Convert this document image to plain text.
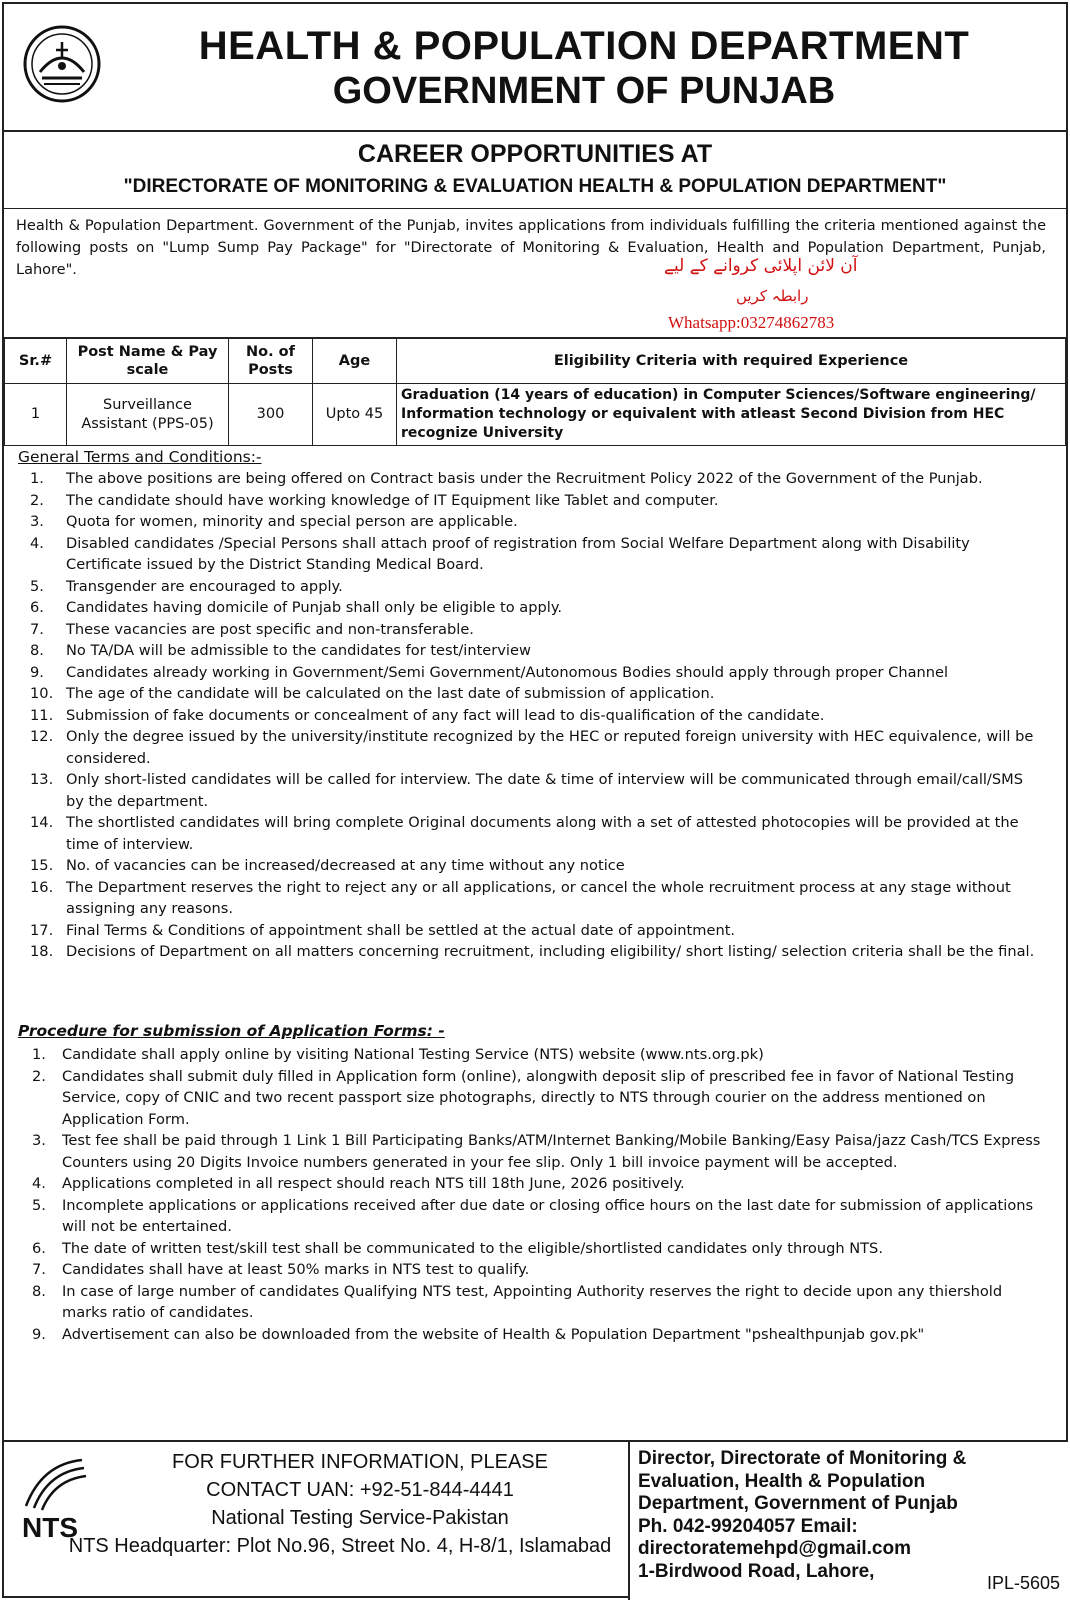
HEALTH & POPULATION DEPARTMENT
GOVERNMENT OF PUNJAB
CAREER OPPORTUNITIES AT
"DIRECTORATE OF MONITORING & EVALUATION HEALTH & POPULATION DEPARTMENT"
Health & Population Department. Government of the Punjab, invites applications from individuals fulfilling the criteria mentioned against the following posts on "Lump Sump Pay Package" for "Directorate of Monitoring & Evaluation, Health and Population Department, Punjab, Lahore".	آن لائن اپلائی کروانے کے لیے
رابطہ کریں
Whatsapp:03274862783
Sr.#	Post Name & Pay scale	No. of Posts	Age	Eligibility Criteria with required Experience
1	Surveillance Assistant (PPS-05)	300	Upto 45	Graduation (14 years of education) in Computer Sciences/Software engineering/ Information technology or equivalent with atleast Second Division from HEC recognize University
General Terms and Conditions:-
1.	The above positions are being offered on Contract basis under the Recruitment Policy 2022 of the Government of the Punjab.
2.	The candidate should have working knowledge of IT Equipment like Tablet and computer.
3.	Quota for women, minority and special person are applicable.
4.	Disabled candidates /Special Persons shall attach proof of registration from Social Welfare Department along with Disability Certificate issued by the District Standing Medical Board.
5.	Transgender are encouraged to apply.
6.	Candidates having domicile of Punjab shall only be eligible to apply.
7.	These vacancies are post specific and non-transferable.
8.	No TA/DA will be admissible to the candidates for test/interview
9.	Candidates already working in Government/Semi Government/Autonomous Bodies should apply through proper Channel
10. The age of the candidate will be calculated on the last date of submission of application.
11. Submission of fake documents or concealment of any fact will lead to dis-qualification of the candidate.
12. Only the degree issued by the university/institute recognized by the HEC or reputed foreign university with HEC equivalence, will be considered.
13. Only short-listed candidates will be called for interview. The date & time of interview will be communicated through email/call/SMS by the department.
14. The shortlisted candidates will bring complete Original documents along with a set of attested photocopies will be provided at the time of interview.
15. No. of vacancies can be increased/decreased at any time without any notice
16. The Department reserves the right to reject any or all applications, or cancel the whole recruitment process at any stage without assigning any reasons.
17. Final Terms & Conditions of appointment shall be settled at the actual date of appointment.
18. Decisions of Department on all matters concerning recruitment, including eligibility/ short listing/ selection criteria shall be the final.
Procedure for submission of Application Forms: -
1.	Candidate shall apply online by visiting National Testing Service (NTS) website (www.nts.org.pk)
2.	Candidates shall submit duly filled in Application form (online), alongwith deposit slip of prescribed fee in favor of National Testing Service, copy of CNIC and two recent passport size photographs, directly to NTS through courier on the address mentioned on Application Form.
3.	Test fee shall be paid through 1 Link 1 Bill Participating Banks/ATM/Internet Banking/Mobile Banking/Easy Paisa/jazz Cash/TCS Express Counters using 20 Digits Invoice numbers generated in your fee slip. Only 1 bill invoice payment will be accepted.
4.	Applications completed in all respect should reach NTS till 18th June, 2026 positively.
5.	Incomplete applications or applications received after due date or closing office hours on the last date for submission of applications will not be entertained.
6.	The date of written test/skill test shall be communicated to the eligible/shortlisted candidates only through NTS.
7.	Candidates shall have at least 50% marks in NTS test to qualify.
8.	In case of large number of candidates Qualifying NTS test, Appointing Authority reserves the right to decide upon any thiershold marks ratio of candidates.
9.	Advertisement can also be downloaded from the website of Health & Population Department "pshealthpunjab gov.pk"
NTS
FOR FURTHER INFORMATION, PLEASE
CONTACT UAN: +92-51-844-4441
National Testing Service-Pakistan
NTS Headquarter: Plot No.96, Street No. 4, H-8/1, Islamabad
Director, Directorate of Monitoring &
Evaluation, Health & Population
Department, Government of Punjab
Ph. 042-99204057 Email:
directoratemehpd@gmail.com
1-Birdwood Road, Lahore,
IPL-5605
